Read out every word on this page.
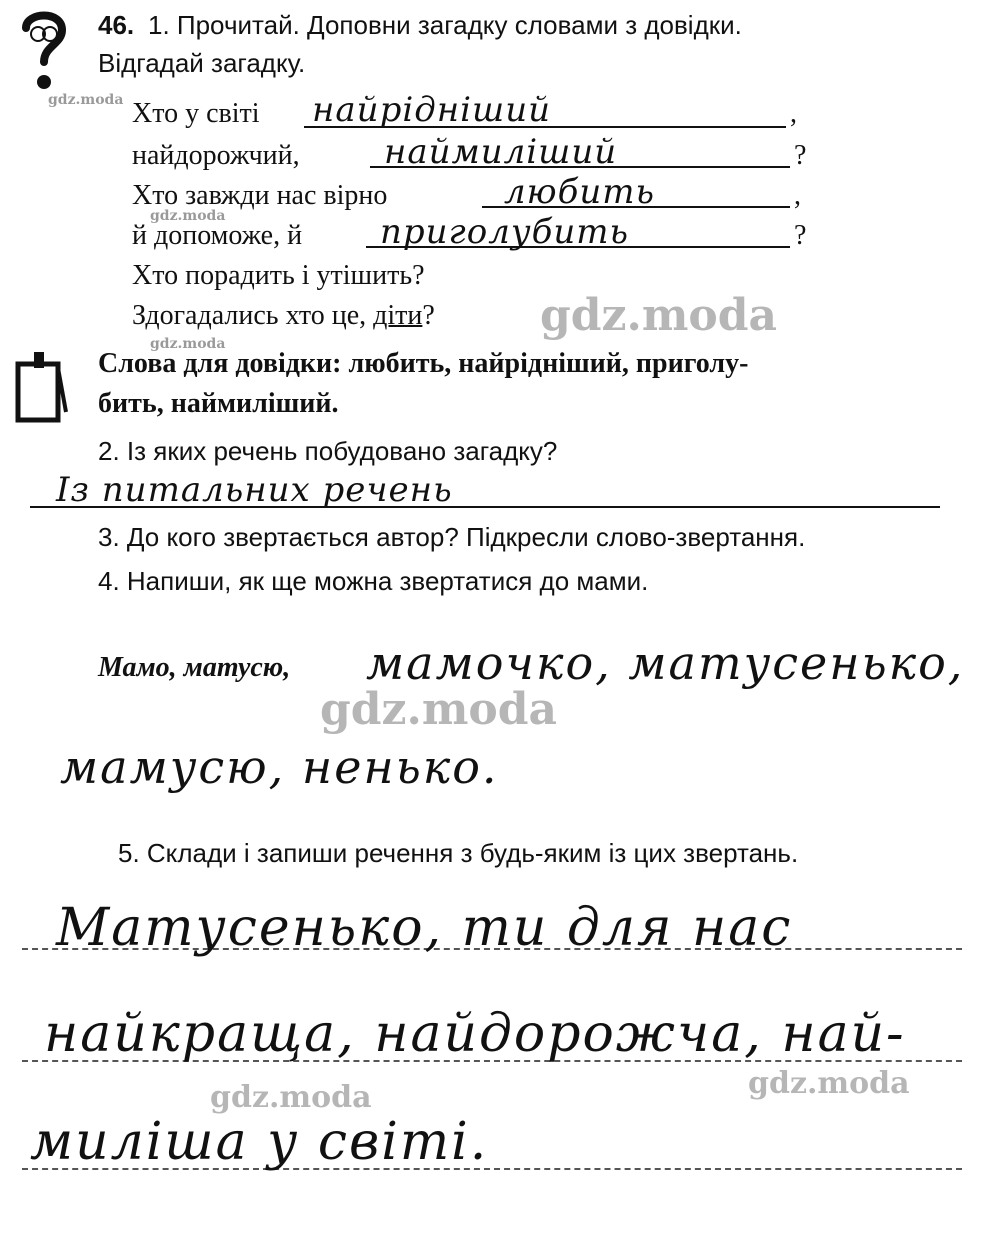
gdz.moda
gdz.moda
gdz.moda
gdz.moda
gdz.moda
gdz.moda	gdz.moda
46. 1. Прочитай. Доповни загадку словами з довідки.
Відгадай загадку.
Хто у світі найрідніший	,
найдорожчий, наймиліший	?
Хто завжди нас вірно	любить	,
й допоможе, й приголубить	?
Хто порадить і утішить?
Здогадались хто це, діти?
Слова для довідки: любить, найрідніший, приголу-
бить, наймиліший.
2. Із яких речень побудовано загадку?
Із питальних речень
3. До кого звертається автор? Підкресли слово-звертання.
4. Напиши, як ще можна звертатися до мами.
Мамо, матусю, мамочко, матусенько,
мамусю, ненько.
5. Склади і запиши речення з будь-яким із цих звертань.
Матусенько, ти для нас
найкраща, найдорожча, най-
миліша у світі.
